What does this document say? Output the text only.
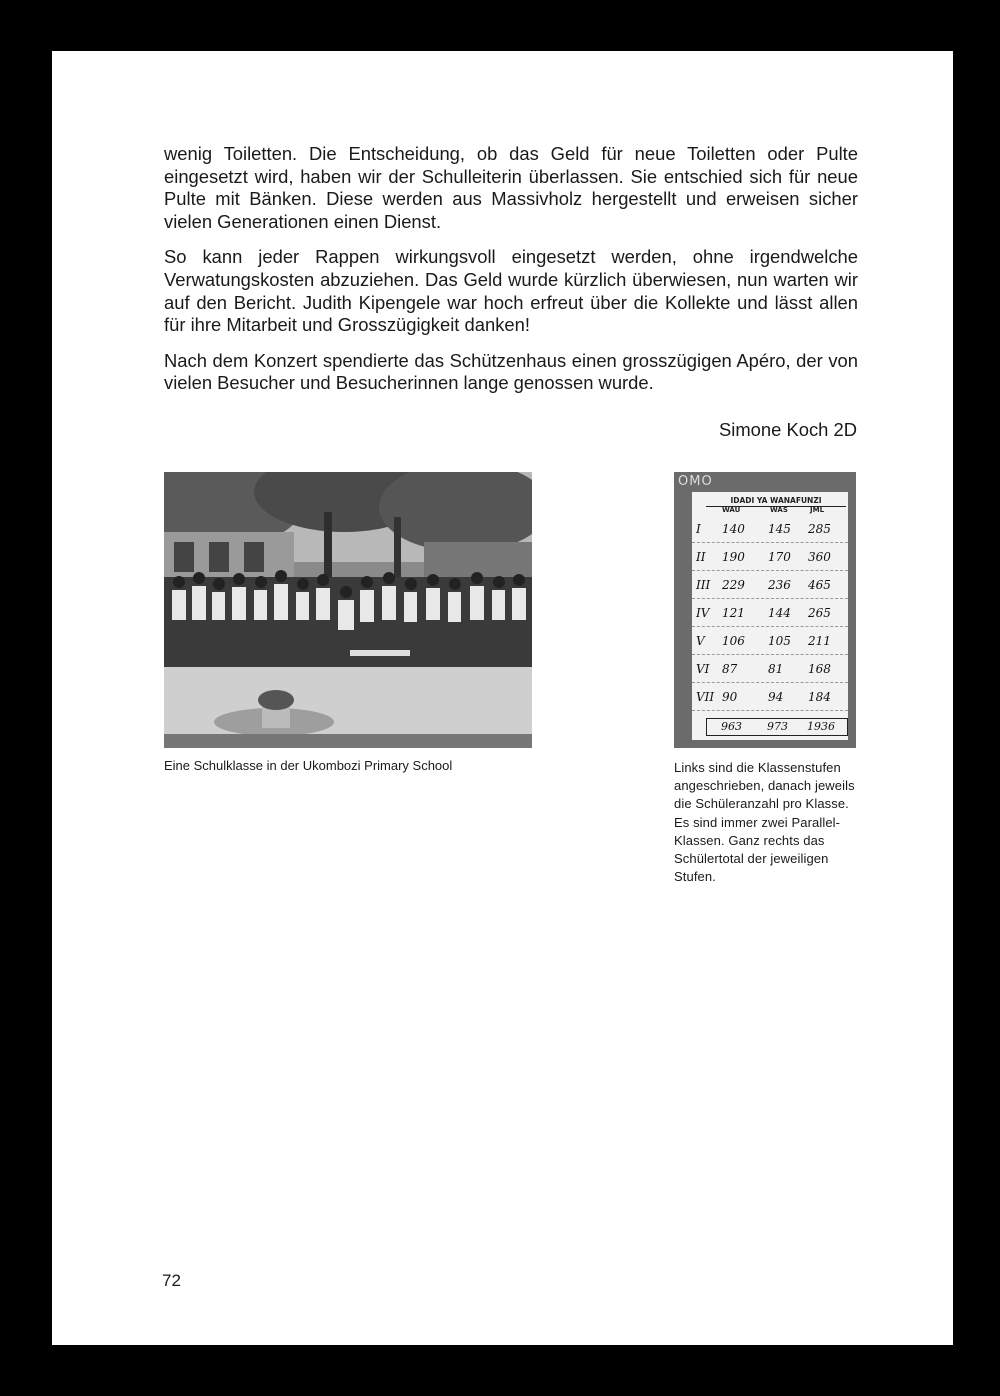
wenig Toiletten. Die Entscheidung, ob das Geld für neue Toiletten oder Pulte eingesetzt wird, haben wir der Schulleiterin überlassen. Sie entschied sich für neue Pulte mit Bänken. Diese werden aus Massivholz hergestellt und erweisen sicher vielen Generationen einen Dienst.

So kann jeder Rappen wirkungsvoll eingesetzt werden, ohne irgendwelche Verwatungskosten abzuziehen. Das Geld wurde kürzlich überwiesen, nun warten wir auf den Bericht. Judith Kipengele war hoch erfreut über die Kollekte und lässt allen für ihre Mitarbeit und Grosszügigkeit danken!

Nach dem Konzert spendierte das Schützenhaus einen grosszügigen Apéro, der von vielen Besucher und Besucherinnen lange genossen wurde.

Simone Koch 2D
Eine Schulklasse in der Ukombozi Primary School
OMO
IDADI YA WANAFUNZI
WAU	WAS	JML
I 140 145 285
II 190 170 360
III 229 236 465
IV 121 144 265
V 106 105 211
VI 87	81 168
VII 90	94 184
963 973 1936
Links sind die Klassenstufen angeschrieben, danach jeweils die Schüleranzahl pro Klasse. Es sind immer zwei Parallel-Klassen. Ganz rechts das Schülertotal der jeweiligen Stufen.
72
